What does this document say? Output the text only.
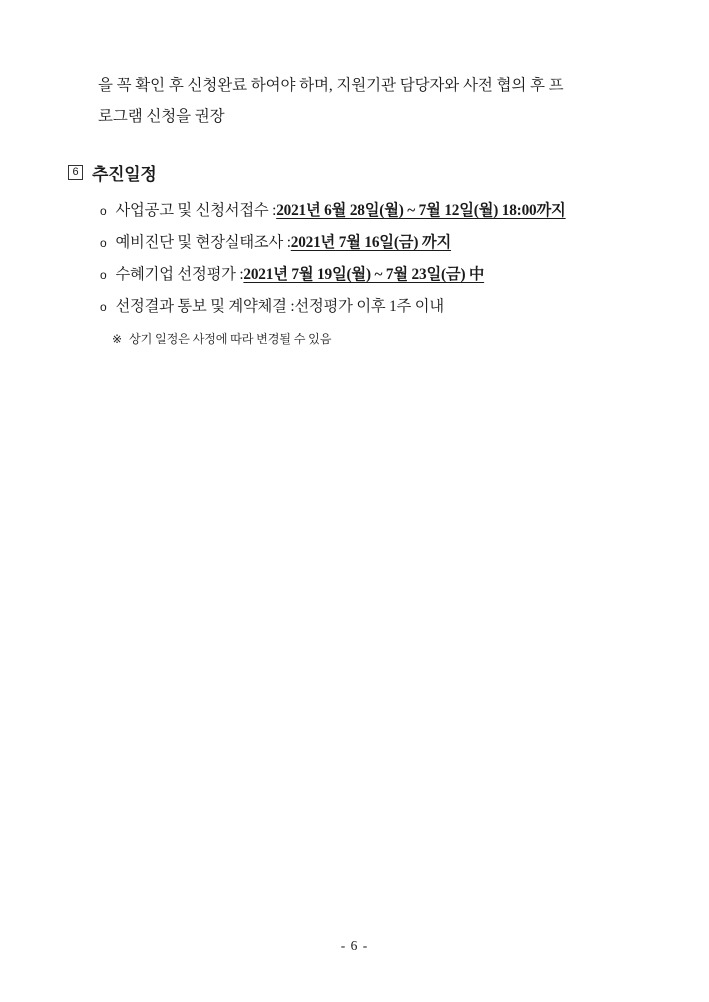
을 꼭 확인 후 신청완료 하여야 하며, 지원기관 담당자와 사전 협의 후 프
로그램 신청을 권장

6 추진일정
o 사업공고 및 신청서접수 : 2021년 6월 28일(월) ~ 7월 12일(월) 18:00까지
o 예비진단 및 현장실태조사 : 2021년 7월 16일(금) 까지
o 수혜기업 선정평가 : 2021년 7월 19일(월) ~ 7월 23일(금) 中
o 선정결과 통보 및 계약체결 : 선정평가 이후 1주 이내
※ 상기 일정은 사정에 따라 변경될 수 있음
- 6 -
